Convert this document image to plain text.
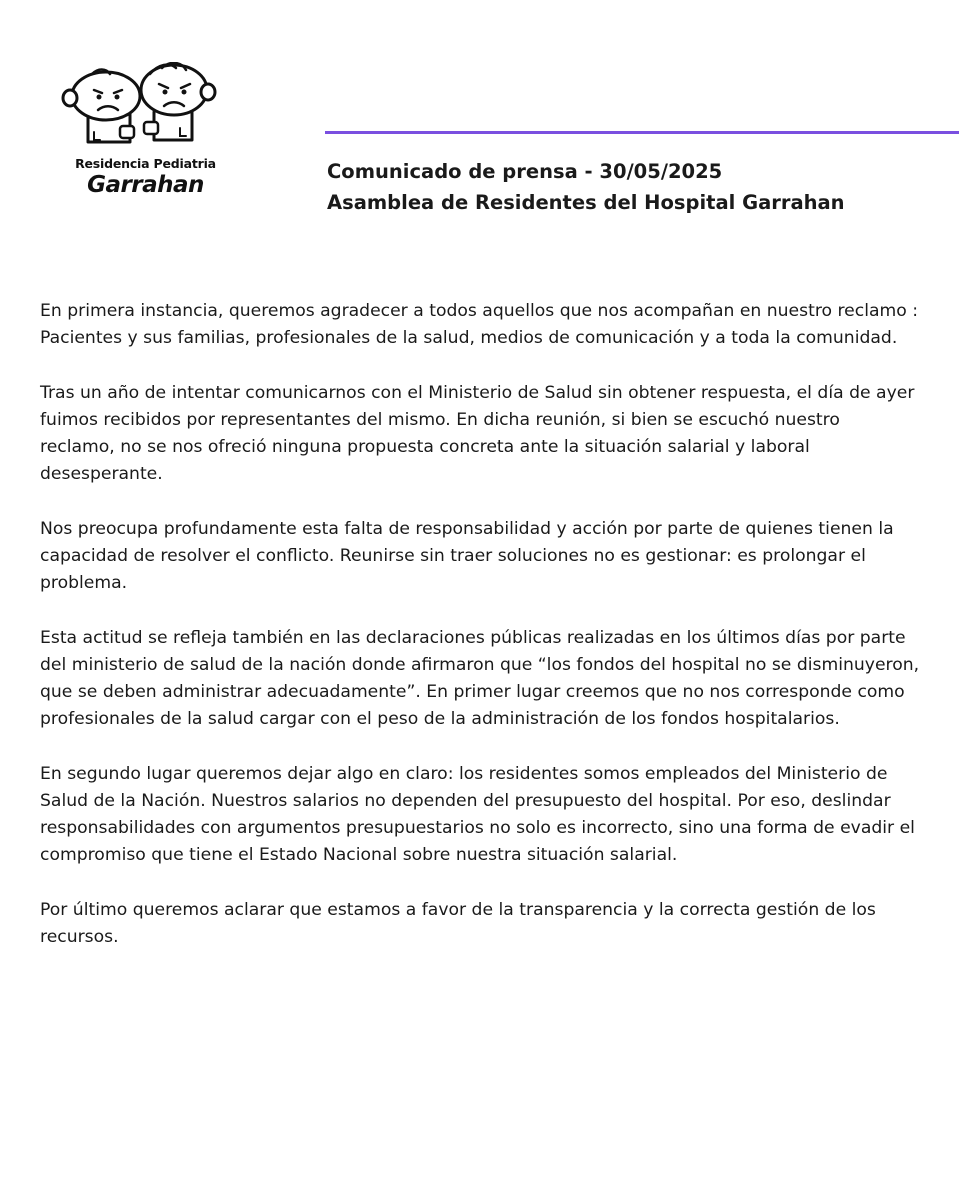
Residencia Pediatria
Garrahan
Comunicado de prensa - 30/05/2025
Asamblea de Residentes del Hospital Garrahan

En primera instancia, queremos agradecer a todos aquellos que nos acompañan en nuestro reclamo : Pacientes y sus familias, profesionales de la salud, medios de comunicación y a toda la comunidad.

Tras un año de intentar comunicarnos con el Ministerio de Salud sin obtener respuesta, el día de ayer fuimos recibidos por representantes del mismo. En dicha reunión, si bien se escuchó nuestro reclamo, no se nos ofreció ninguna propuesta concreta ante la situación salarial y laboral desesperante.

Nos preocupa profundamente esta falta de responsabilidad y acción por parte de quienes tienen la capacidad de resolver el conflicto. Reunirse sin traer soluciones no es gestionar: es prolongar el problema.

Esta actitud se refleja también en las declaraciones públicas realizadas en los últimos días por parte del ministerio de salud de la nación donde afirmaron que “los fondos del hospital no se disminuyeron, que se deben administrar adecuadamente”. En primer lugar creemos que no nos corresponde como profesionales de la salud cargar con el peso de la administración de los fondos hospitalarios.

En segundo lugar queremos dejar algo en claro: los residentes somos empleados del Ministerio de Salud de la Nación. Nuestros salarios no dependen del presupuesto del hospital. Por eso, deslindar responsabilidades con argumentos presupuestarios no solo es incorrecto, sino una forma de evadir el compromiso que tiene el Estado Nacional sobre nuestra situación salarial.

Por último queremos aclarar que estamos a favor de la transparencia y la correcta gestión de los recursos.
